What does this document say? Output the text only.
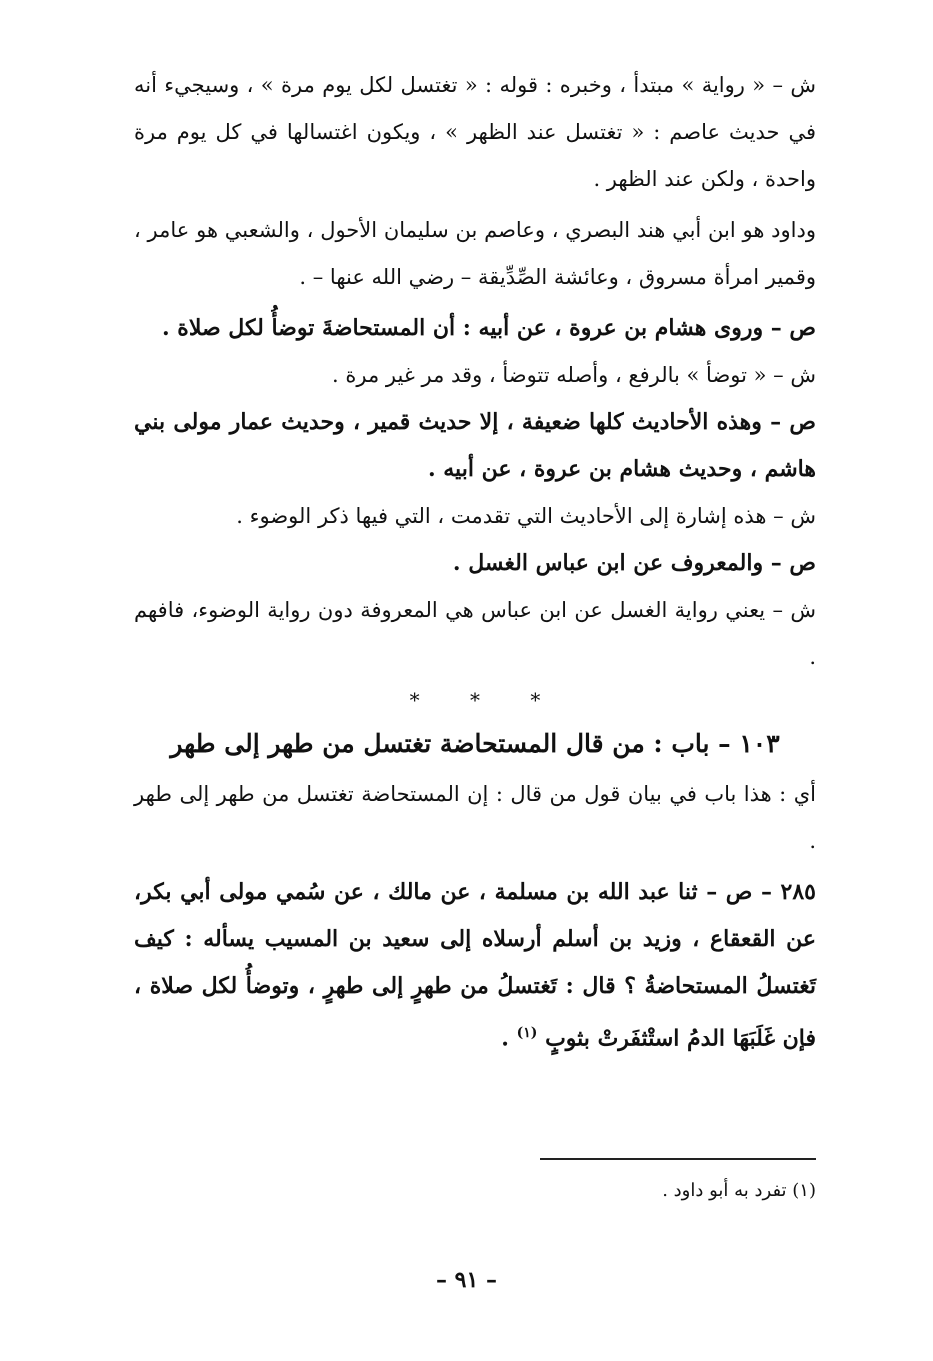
ش – « رواية » مبتدأ ، وخبره : قوله : « تغتسل لكل يوم مرة » ، وسيجيء أنه في حديث عاصم : « تغتسل عند الظهر » ، ويكون اغتسالها في كل يوم مرة واحدة ، ولكن عند الظهر .

وداود هو ابن أبي هند البصري ، وعاصم بن سليمان الأحول ، والشعبي هو عامر ، وقمير امرأة مسروق ، وعائشة الصِّدِّيقة – رضي الله عنها – .

ص – وروى هشام بن عروة ، عن أبيه : أن المستحاضةَ توضأُ لكل صلاة .

ش – « توضأ » بالرفع ، وأصله تتوضأ ، وقد مر غير مرة .

ص – وهذه الأحاديث كلها ضعيفة ، إلا حديث قمير ، وحديث عمار مولى بني هاشم ، وحديث هشام بن عروة ، عن أبيه .

ش – هذه إشارة إلى الأحاديث التي تقدمت ، التي فيها ذكر الوضوء .

ص – والمعروف عن ابن عباس الغسل .

ش – يعني رواية الغسل عن ابن عباس هي المعروفة دون رواية الوضوء، فافهم .

*	*	*
١٠٣ – باب : من قال المستحاضة تغتسل من طهر إلى طهر

أي : هذا باب في بيان قول من قال : إن المستحاضة تغتسل من طهر إلى طهر .

٢٨٥ – ص – ثنا عبد الله بن مسلمة ، عن مالك ، عن سُمي مولى أبي بكر، عن القعقاع ، وزيد بن أسلم أرسلاه إلى سعيد بن المسيب يسأله : كيف تَغتسلُ المستحاضةُ ؟ قال : تَغتسلُ من طهرٍ إلى طهرٍ ، وتوضأُ لكل صلاة ، فإن غَلَبَهَا الدمُ استْثفَرتْ بثوبٍ $^{(١)}$ .

(١) تفرد به أبو داود .
– ٩١ –
